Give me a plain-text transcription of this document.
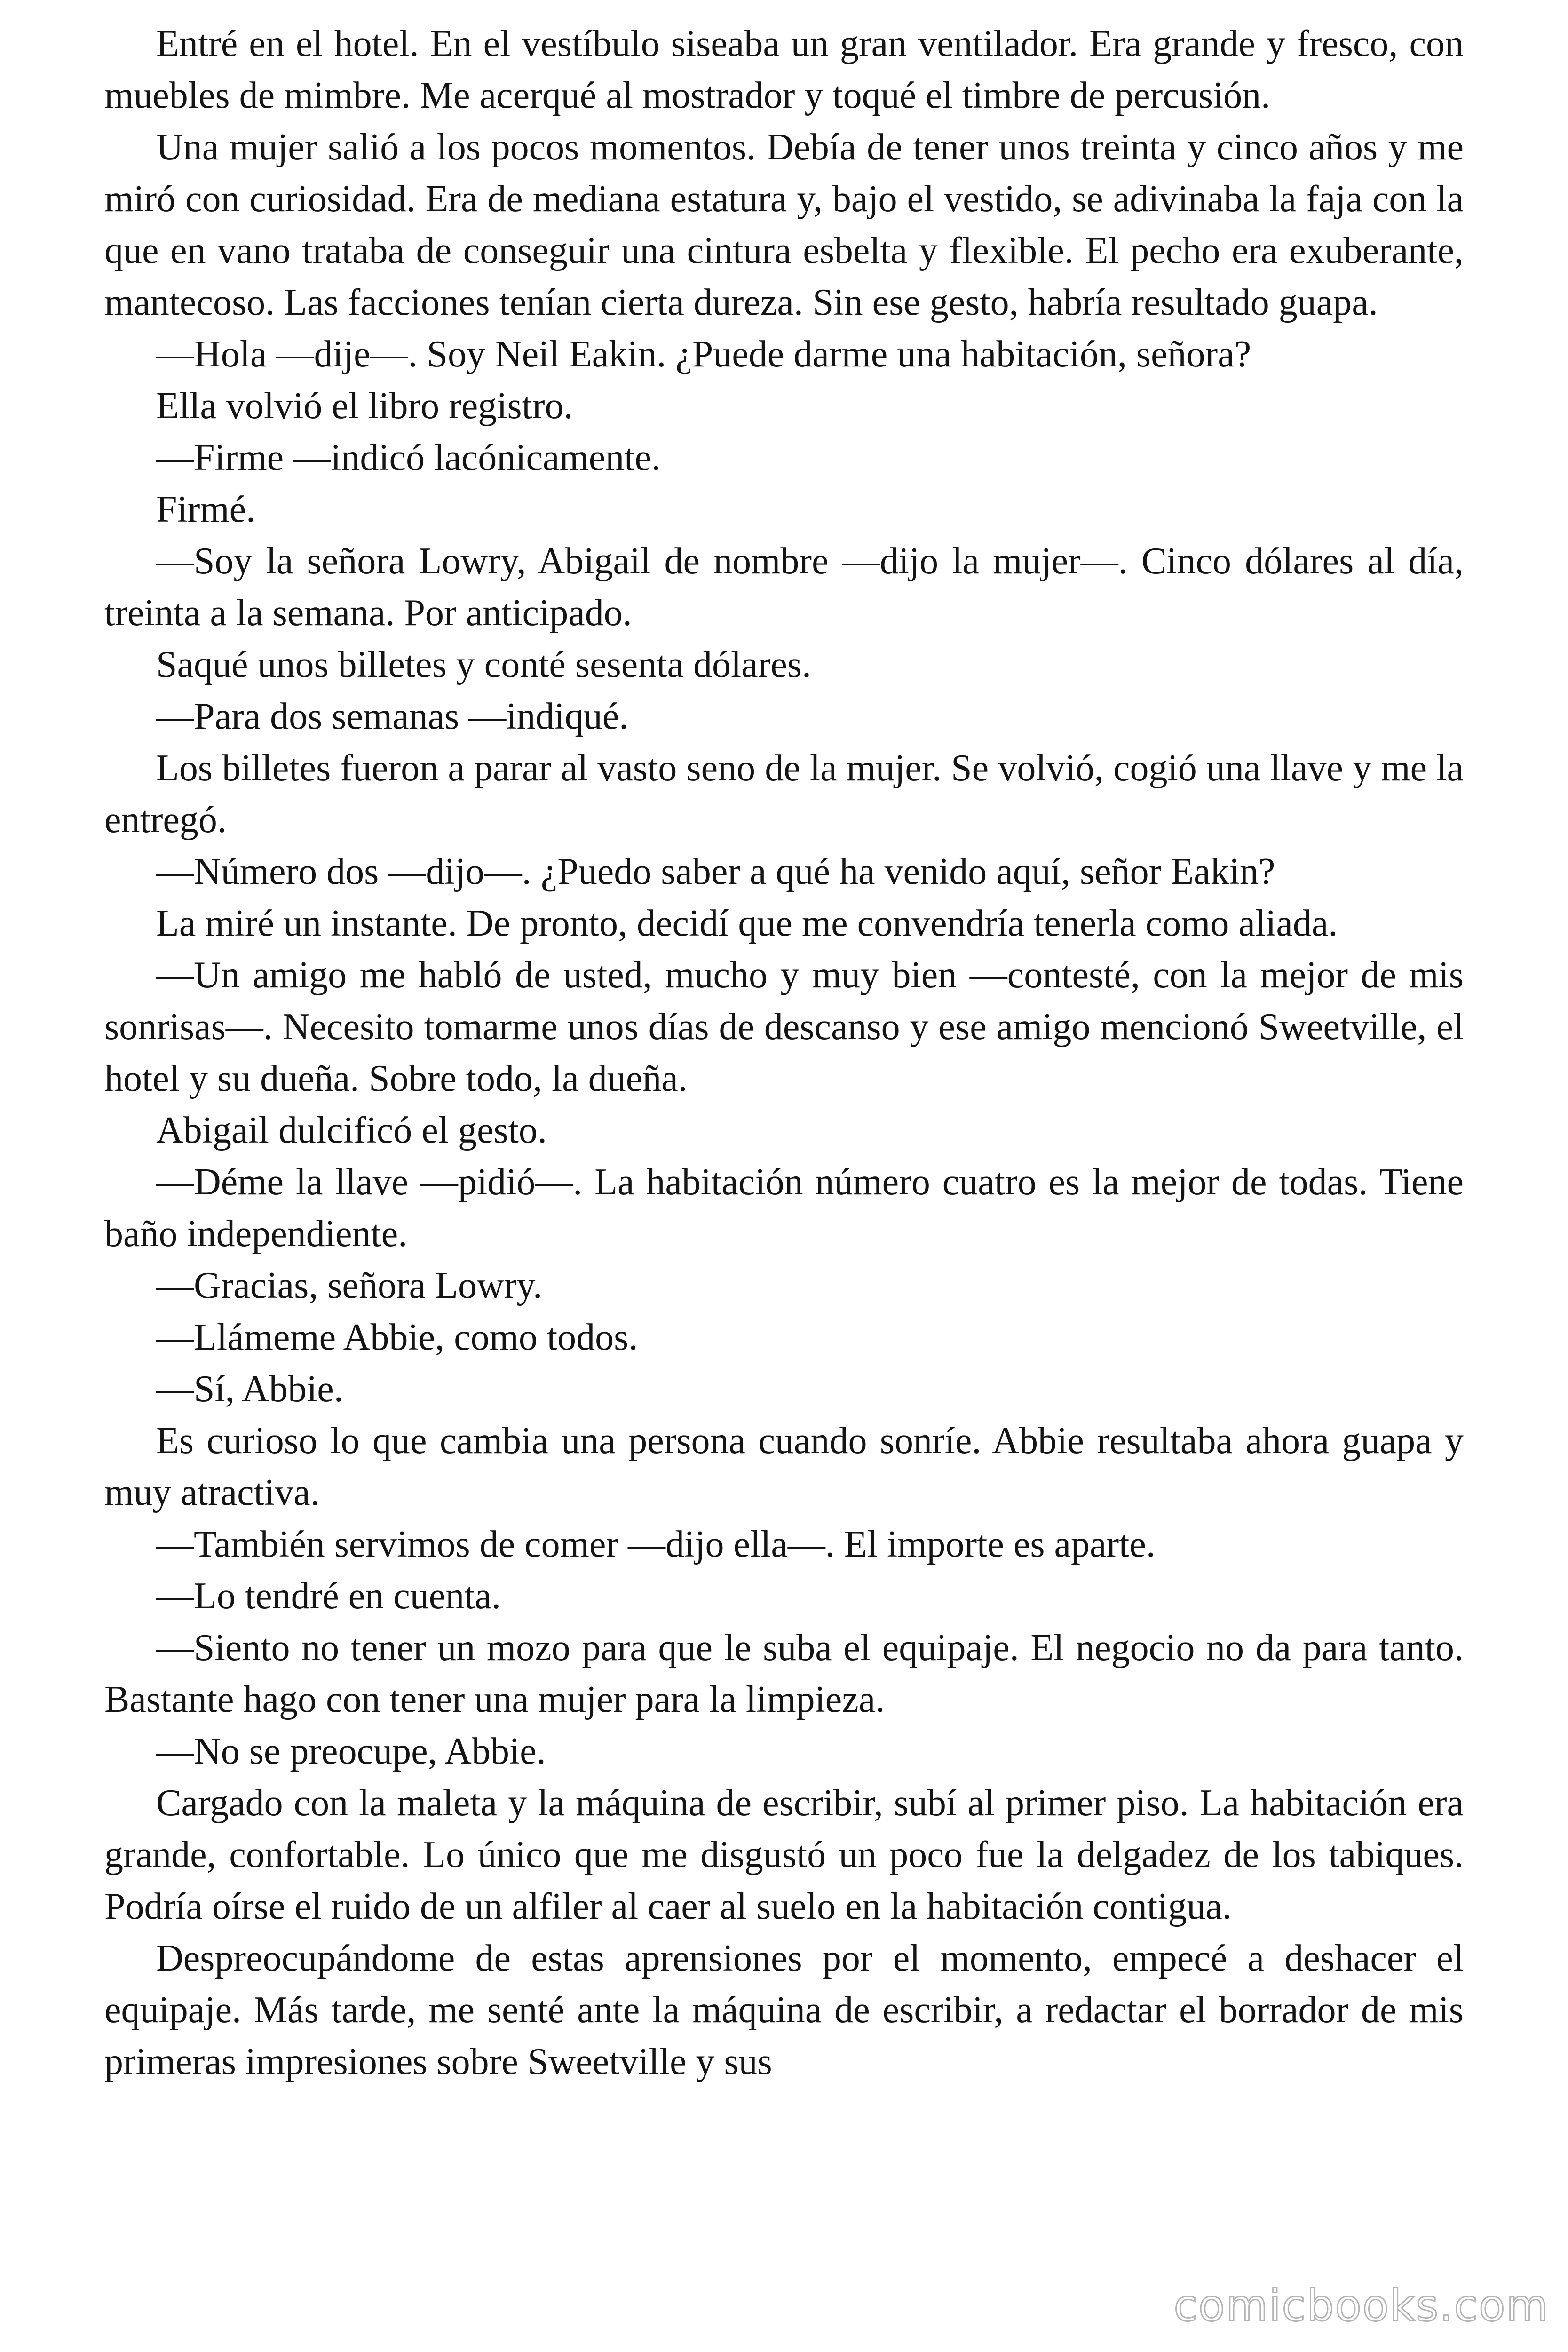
Entré en el hotel. En el vestíbulo siseaba un gran ventilador. Era grande y fresco, con muebles de mimbre. Me acerqué al mostrador y toqué el timbre de percusión.

Una mujer salió a los pocos momentos. Debía de tener unos treinta y cinco años y me miró con curiosidad. Era de mediana estatura y, bajo el vestido, se adivinaba la faja con la que en vano trataba de conseguir una cintura esbelta y flexible. El pecho era exuberante, mantecoso. Las facciones tenían cierta dureza. Sin ese gesto, habría resultado guapa.

—Hola —dije—. Soy Neil Eakin. ¿Puede darme una habitación, señora?

Ella volvió el libro registro.

—Firme —indicó lacónicamente.

Firmé.

—Soy la señora Lowry, Abigail de nombre —dijo la mujer—. Cinco dólares al día, treinta a la semana. Por anticipado.

Saqué unos billetes y conté sesenta dólares.

—Para dos semanas —indiqué.

Los billetes fueron a parar al vasto seno de la mujer. Se volvió, cogió una llave y me la entregó.

—Número dos —dijo—. ¿Puedo saber a qué ha venido aquí, señor Eakin?

La miré un instante. De pronto, decidí que me convendría tenerla como aliada.

—Un amigo me habló de usted, mucho y muy bien —contesté, con la mejor de mis sonrisas—. Necesito tomarme unos días de descanso y ese amigo mencionó Sweetville, el hotel y su dueña. Sobre todo, la dueña.

Abigail dulcificó el gesto.

—Déme la llave —pidió—. La habitación número cuatro es la mejor de todas. Tiene baño independiente.

—Gracias, señora Lowry.

—Llámeme Abbie, como todos.

—Sí, Abbie.

Es curioso lo que cambia una persona cuando sonríe. Abbie resultaba ahora guapa y muy atractiva.

—También servimos de comer —dijo ella—. El importe es aparte.

—Lo tendré en cuenta.

—Siento no tener un mozo para que le suba el equipaje. El negocio no da para tanto. Bastante hago con tener una mujer para la limpieza.

—No se preocupe, Abbie.

Cargado con la maleta y la máquina de escribir, subí al primer piso. La habitación era grande, confortable. Lo único que me disgustó un poco fue la delgadez de los tabiques. Podría oírse el ruido de un alfiler al caer al suelo en la habitación contigua.

Despreocupándome de estas aprensiones por el momento, empecé a deshacer el equipaje. Más tarde, me senté ante la máquina de escribir, a redactar el borrador de mis primeras impresiones sobre Sweetville y sus

comicbooks.com
